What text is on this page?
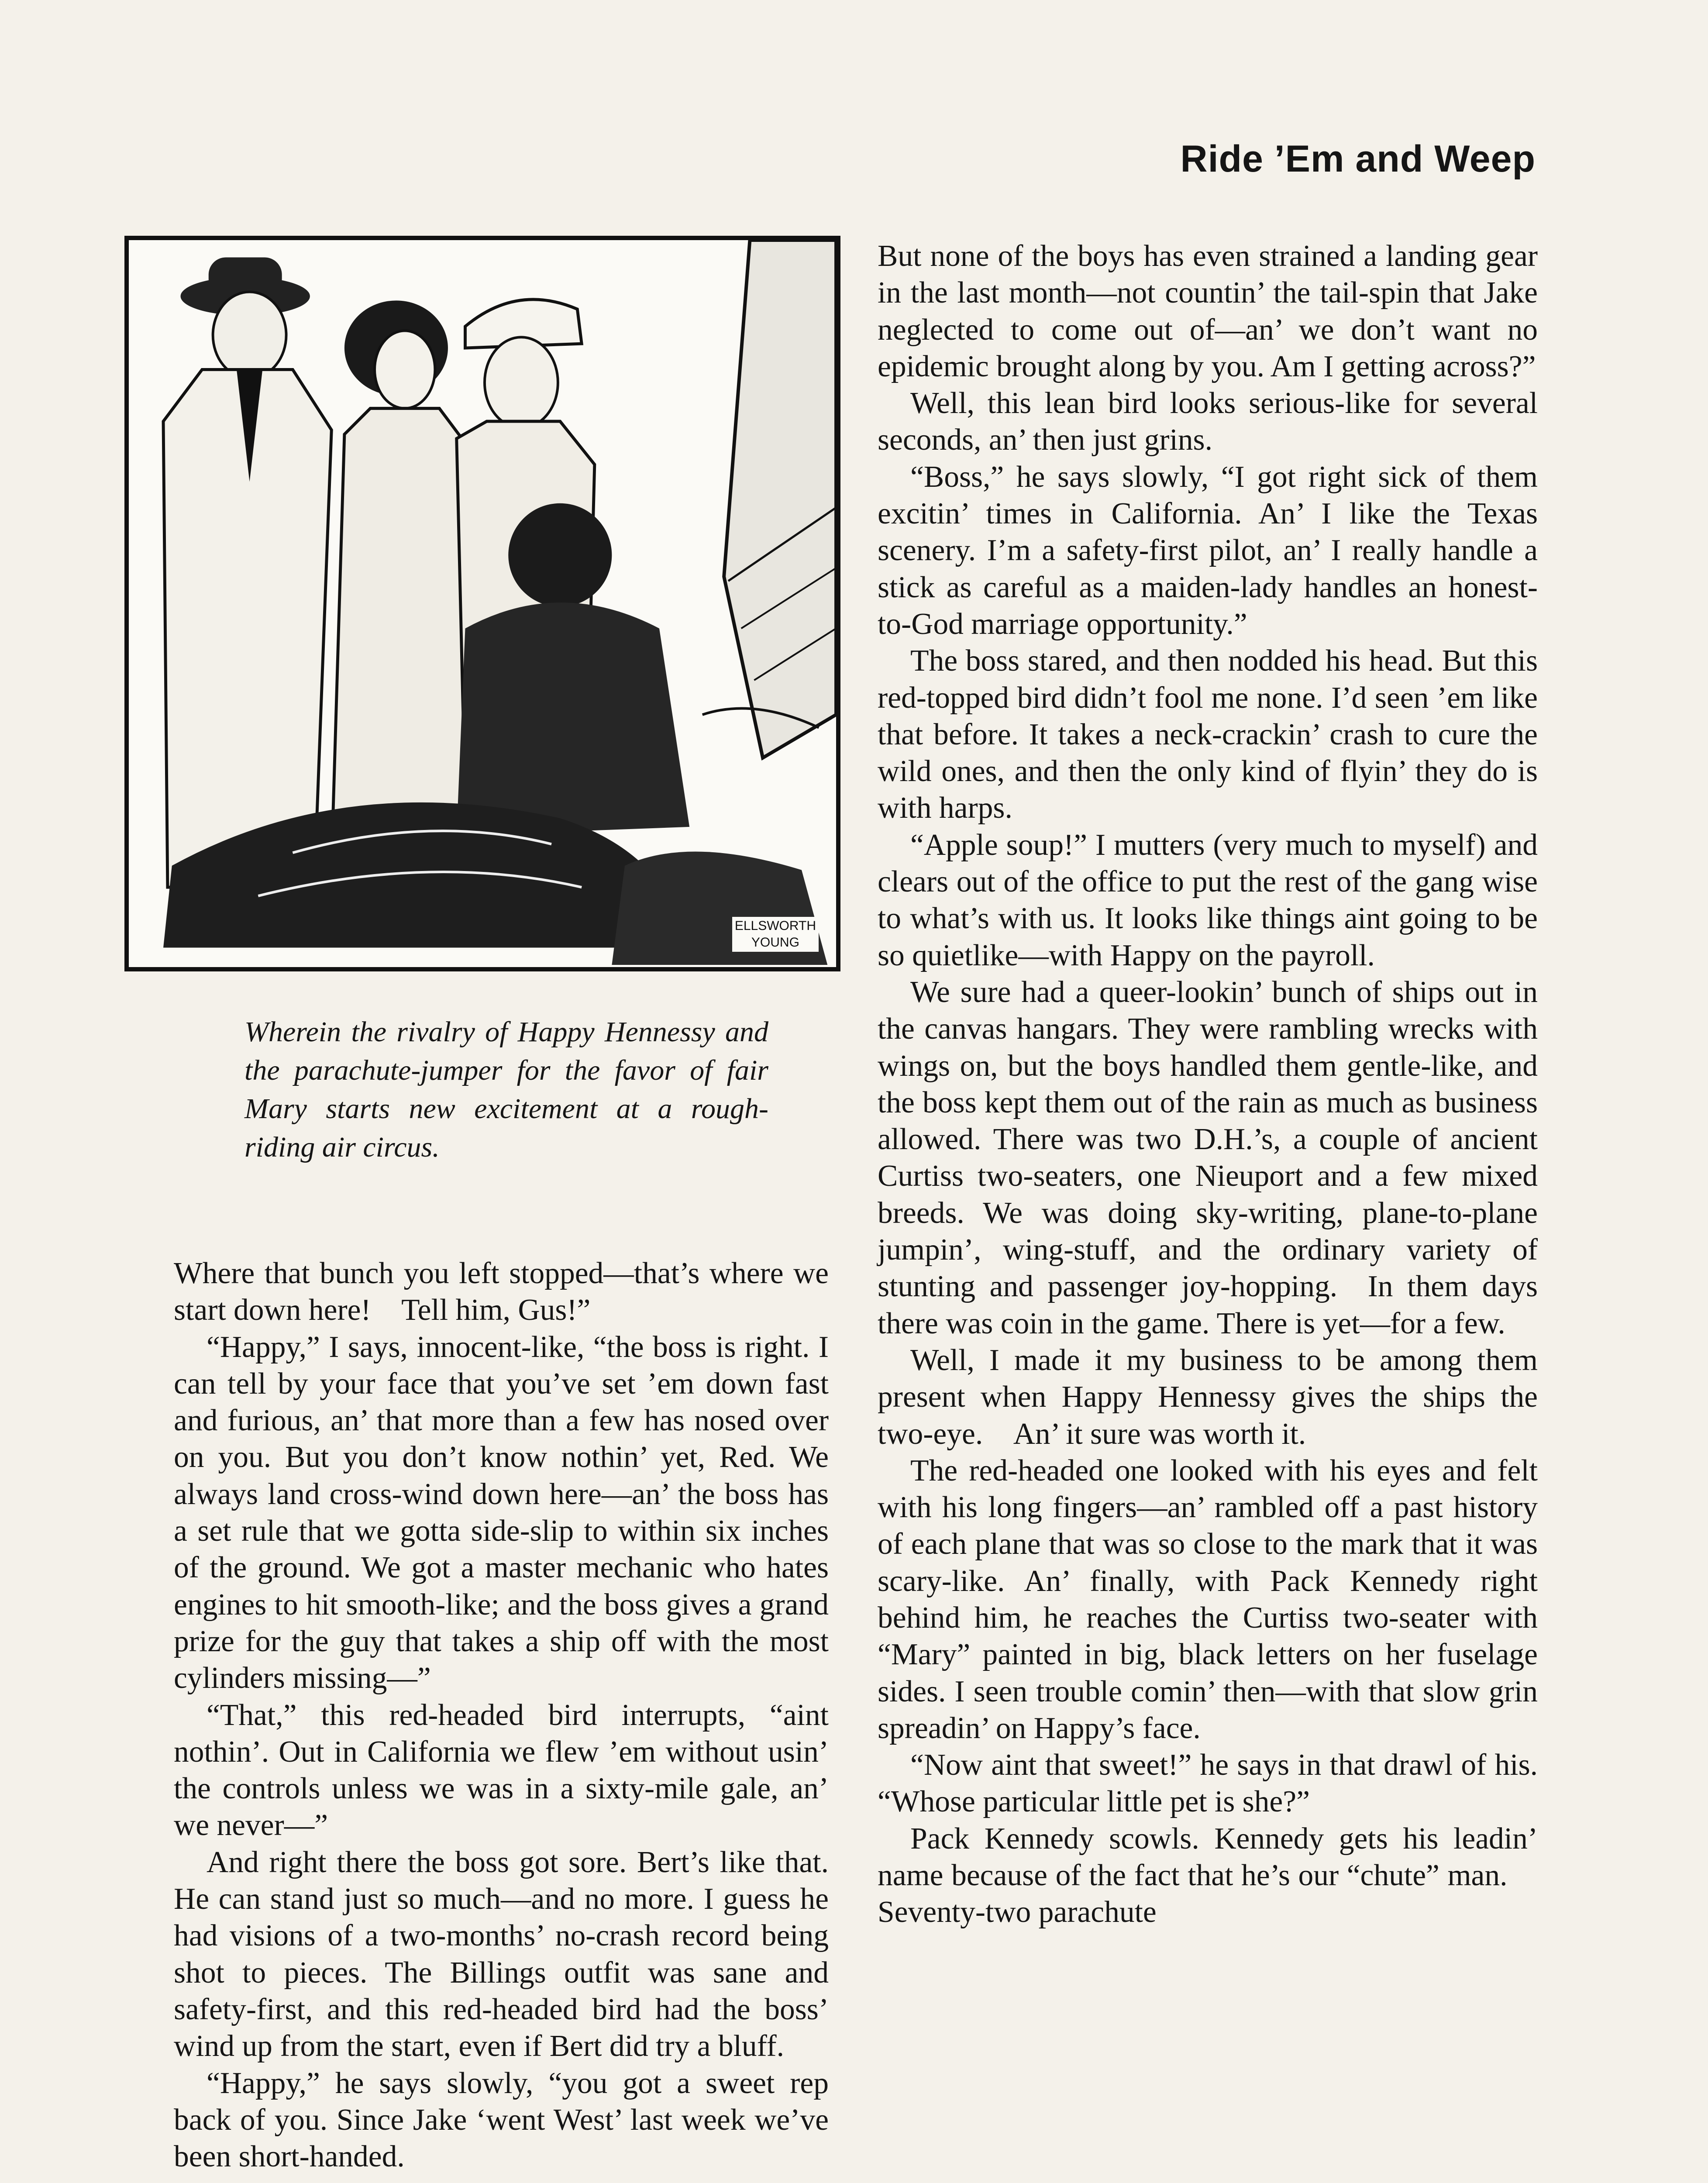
Ride ’Em and Weep
ELLSWORTH
YOUNG
Wherein the rivalry of Happy Hennessy and the parachute-jumper for the favor of fair Mary starts new excitement at a rough-riding air circus.

Where that bunch you left stopped—that’s where we start down here! Tell him, Gus!”

“Happy,” I says, innocent-like, “the boss is right. I can tell by your face that you’ve set ’em down fast and furious, an’ that more than a few has nosed over on you. But you don’t know nothin’ yet, Red. We always land cross-wind down here—an’ the boss has a set rule that we gotta side-slip to within six inches of the ground. We got a master mechanic who hates engines to hit smooth-like; and the boss gives a grand prize for the guy that takes a ship off with the most cylinders missing—”

“That,” this red-headed bird interrupts, “aint nothin’. Out in California we flew ’em without usin’ the controls unless we was in a sixty-mile gale, an’ we never—”

And right there the boss got sore. Bert’s like that. He can stand just so much—and no more. I guess he had visions of a two-months’ no-crash record being shot to pieces. The Billings outfit was sane and safety-first, and this red-headed bird had the boss’ wind up from the start, even if Bert did try a bluff.

“Happy,” he says slowly, “you got a sweet rep back of you. Since Jake ‘went West’ last week we’ve been short-handed.

But none of the boys has even strained a landing gear in the last month—not countin’ the tail-spin that Jake neglected to come out of—an’ we don’t want no epidemic brought along by you. Am I getting across?”

Well, this lean bird looks serious-like for several seconds, an’ then just grins.

“Boss,” he says slowly, “I got right sick of them excitin’ times in California. An’ I like the Texas scenery. I’m a safety-first pilot, an’ I really handle a stick as careful as a maiden-lady handles an honest-to-God marriage opportunity.”

The boss stared, and then nodded his head. But this red-topped bird didn’t fool me none. I’d seen ’em like that before. It takes a neck-crackin’ crash to cure the wild ones, and then the only kind of flyin’ they do is with harps.

“Apple soup!” I mutters (very much to myself) and clears out of the office to put the rest of the gang wise to what’s with us. It looks like things aint going to be so quietlike—with Happy on the payroll.

We sure had a queer-lookin’ bunch of ships out in the canvas hangars. They were rambling wrecks with wings on, but the boys handled them gentle-like, and the boss kept them out of the rain as much as business allowed. There was two D.H.’s, a couple of ancient Curtiss two-seaters, one Nieuport and a few mixed breeds. We was doing sky-writing, plane-to-plane jumpin’, wing-stuff, and the ordinary variety of stunting and passenger joy-hopping. In them days there was coin in the game. There is yet—for a few.

Well, I made it my business to be among them present when Happy Hennessy gives the ships the two-eye. An’ it sure was worth it.

The red-headed one looked with his eyes and felt with his long fingers—an’ rambled off a past history of each plane that was so close to the mark that it was scary-like. An’ finally, with Pack Kennedy right behind him, he reaches the Curtiss two-seater with “Mary” painted in big, black letters on her fuselage sides. I seen trouble comin’ then—with that slow grin spreadin’ on Happy’s face.

“Now aint that sweet!” he says in that drawl of his. “Whose particular little pet is she?”

Pack Kennedy scowls. Kennedy gets his leadin’ name because of the fact that he’s our “chute” man. Seventy-two parachute
